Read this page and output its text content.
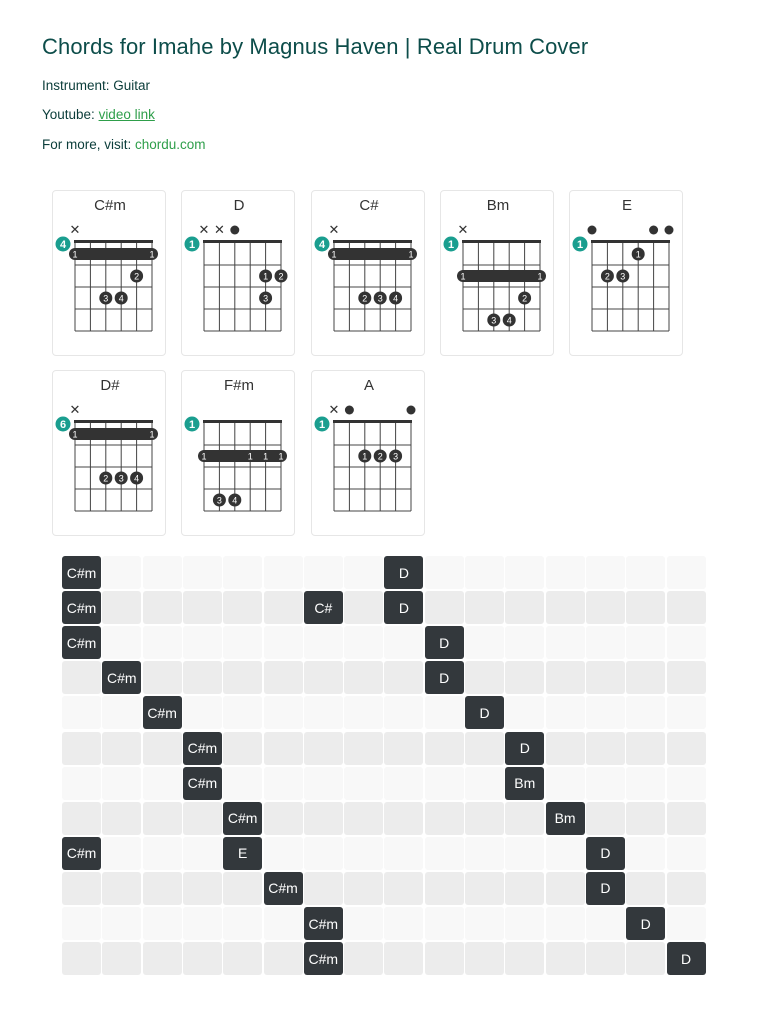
Chords for Imahe by Magnus Haven | Real Drum Cover
Instrument: Guitar
Youtube: video link
For more, visit: chordu.com
C#m
4
✕
1	1
2
3 4
D
1
✕ ✕
1 2
3
C#
4
✕
1	1
2 3 4
Bm
1
✕
1	1
2
3 4
E
1
1
2 3
D#
6
✕
1	1
2 3 4
F#m
1
1	1
1 1
3 4
A
1
✕
1 2 3
C#m	D
C#m	C#	D
C#m	D
C#m	D
C#m	D
C#m	D
C#m	Bm
C#m	Bm
C#m	E	D
C#m	D
C#m	D
C#m	D
